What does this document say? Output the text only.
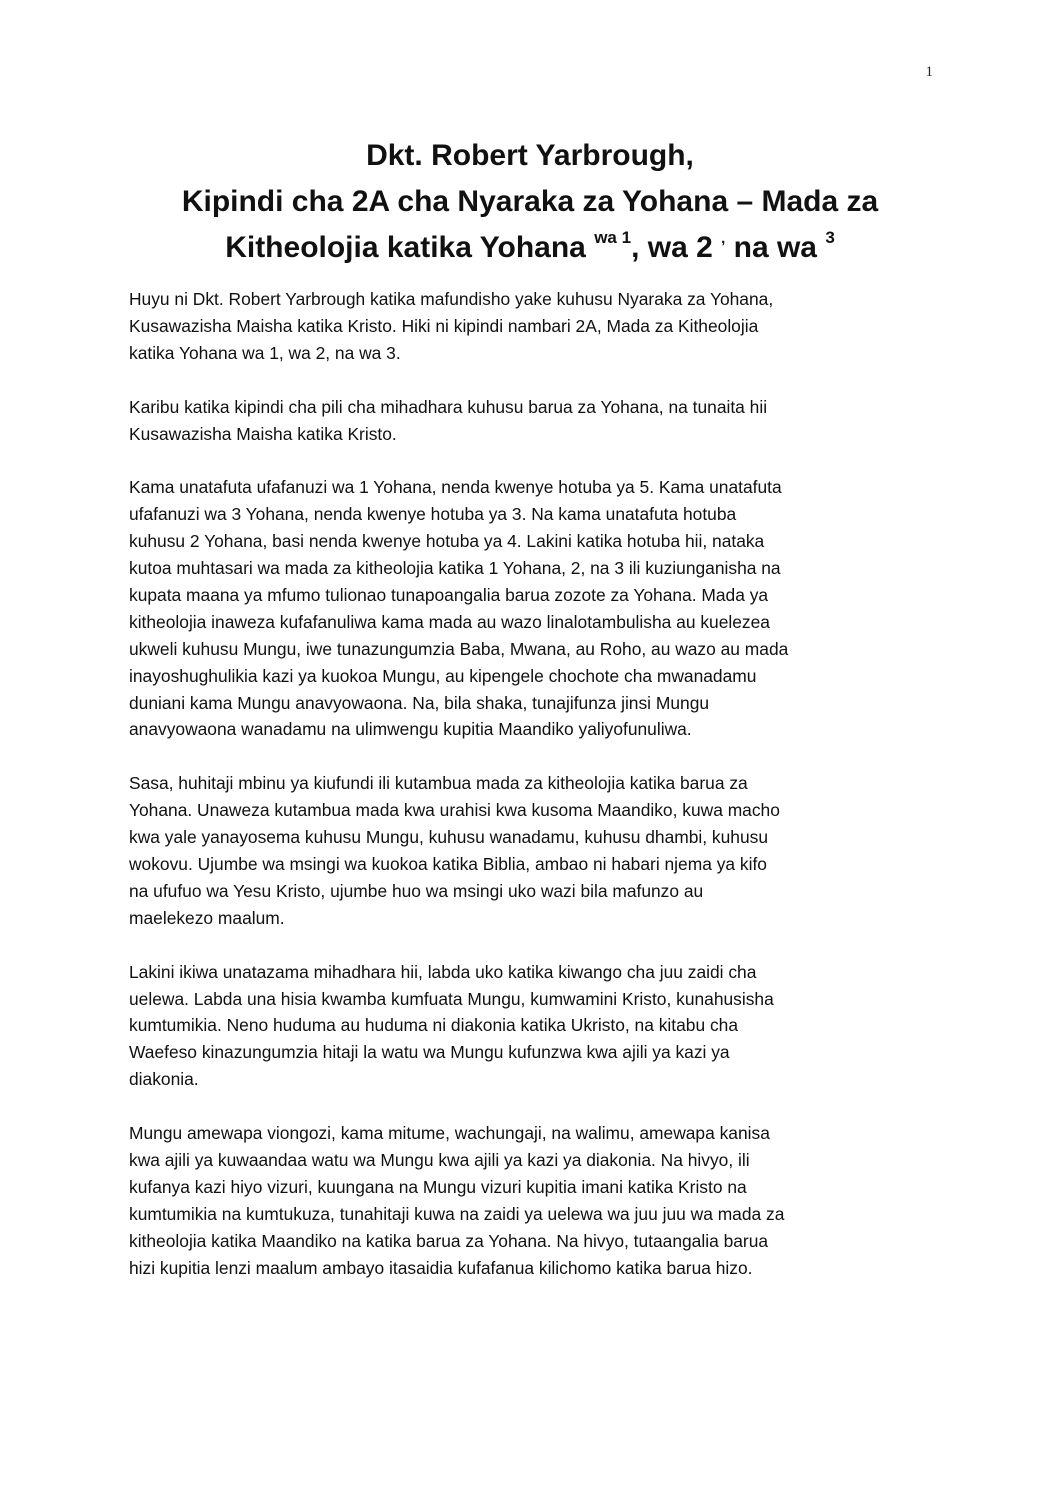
1
Dkt. Robert Yarbrough,
Kipindi cha 2A cha Nyaraka za Yohana – Mada za
Kitheolojia katika Yohana $^{wa 1}$, wa 2 , na wa $^3$

Huyu ni Dkt. Robert Yarbrough katika mafundisho yake kuhusu Nyaraka za Yohana,
Kusawazisha Maisha katika Kristo. Hiki ni kipindi nambari 2A, Mada za Kitheolojia
katika Yohana wa 1, wa 2, na wa 3.

Karibu katika kipindi cha pili cha mihadhara kuhusu barua za Yohana, na tunaita hii
Kusawazisha Maisha katika Kristo.

Kama unatafuta ufafanuzi wa 1 Yohana, nenda kwenye hotuba ya 5. Kama unatafuta
ufafanuzi wa 3 Yohana, nenda kwenye hotuba ya 3. Na kama unatafuta hotuba
kuhusu 2 Yohana, basi nenda kwenye hotuba ya 4. Lakini katika hotuba hii, nataka
kutoa muhtasari wa mada za kitheolojia katika 1 Yohana, 2, na 3 ili kuziunganisha na
kupata maana ya mfumo tulionao tunapoangalia barua zozote za Yohana. Mada ya
kitheolojia inaweza kufafanuliwa kama mada au wazo linalotambulisha au kuelezea
ukweli kuhusu Mungu, iwe tunazungumzia Baba, Mwana, au Roho, au wazo au mada
inayoshughulikia kazi ya kuokoa Mungu, au kipengele chochote cha mwanadamu
duniani kama Mungu anavyowaona. Na, bila shaka, tunajifunza jinsi Mungu
anavyowaona wanadamu na ulimwengu kupitia Maandiko yaliyofunuliwa.

Sasa, huhitaji mbinu ya kiufundi ili kutambua mada za kitheolojia katika barua za
Yohana. Unaweza kutambua mada kwa urahisi kwa kusoma Maandiko, kuwa macho
kwa yale yanayosema kuhusu Mungu, kuhusu wanadamu, kuhusu dhambi, kuhusu
wokovu. Ujumbe wa msingi wa kuokoa katika Biblia, ambao ni habari njema ya kifo
na ufufuo wa Yesu Kristo, ujumbe huo wa msingi uko wazi bila mafunzo au
maelekezo maalum.

Lakini ikiwa unatazama mihadhara hii, labda uko katika kiwango cha juu zaidi cha
uelewa. Labda una hisia kwamba kumfuata Mungu, kumwamini Kristo, kunahusisha
kumtumikia. Neno huduma au huduma ni diakonia katika Ukristo, na kitabu cha
Waefeso kinazungumzia hitaji la watu wa Mungu kufunzwa kwa ajili ya kazi ya
diakonia.

Mungu amewapa viongozi, kama mitume, wachungaji, na walimu, amewapa kanisa
kwa ajili ya kuwaandaa watu wa Mungu kwa ajili ya kazi ya diakonia. Na hivyo, ili
kufanya kazi hiyo vizuri, kuungana na Mungu vizuri kupitia imani katika Kristo na
kumtumikia na kumtukuza, tunahitaji kuwa na zaidi ya uelewa wa juu juu wa mada za
kitheolojia katika Maandiko na katika barua za Yohana. Na hivyo, tutaangalia barua
hizi kupitia lenzi maalum ambayo itasaidia kufafanua kilichomo katika barua hizo.
